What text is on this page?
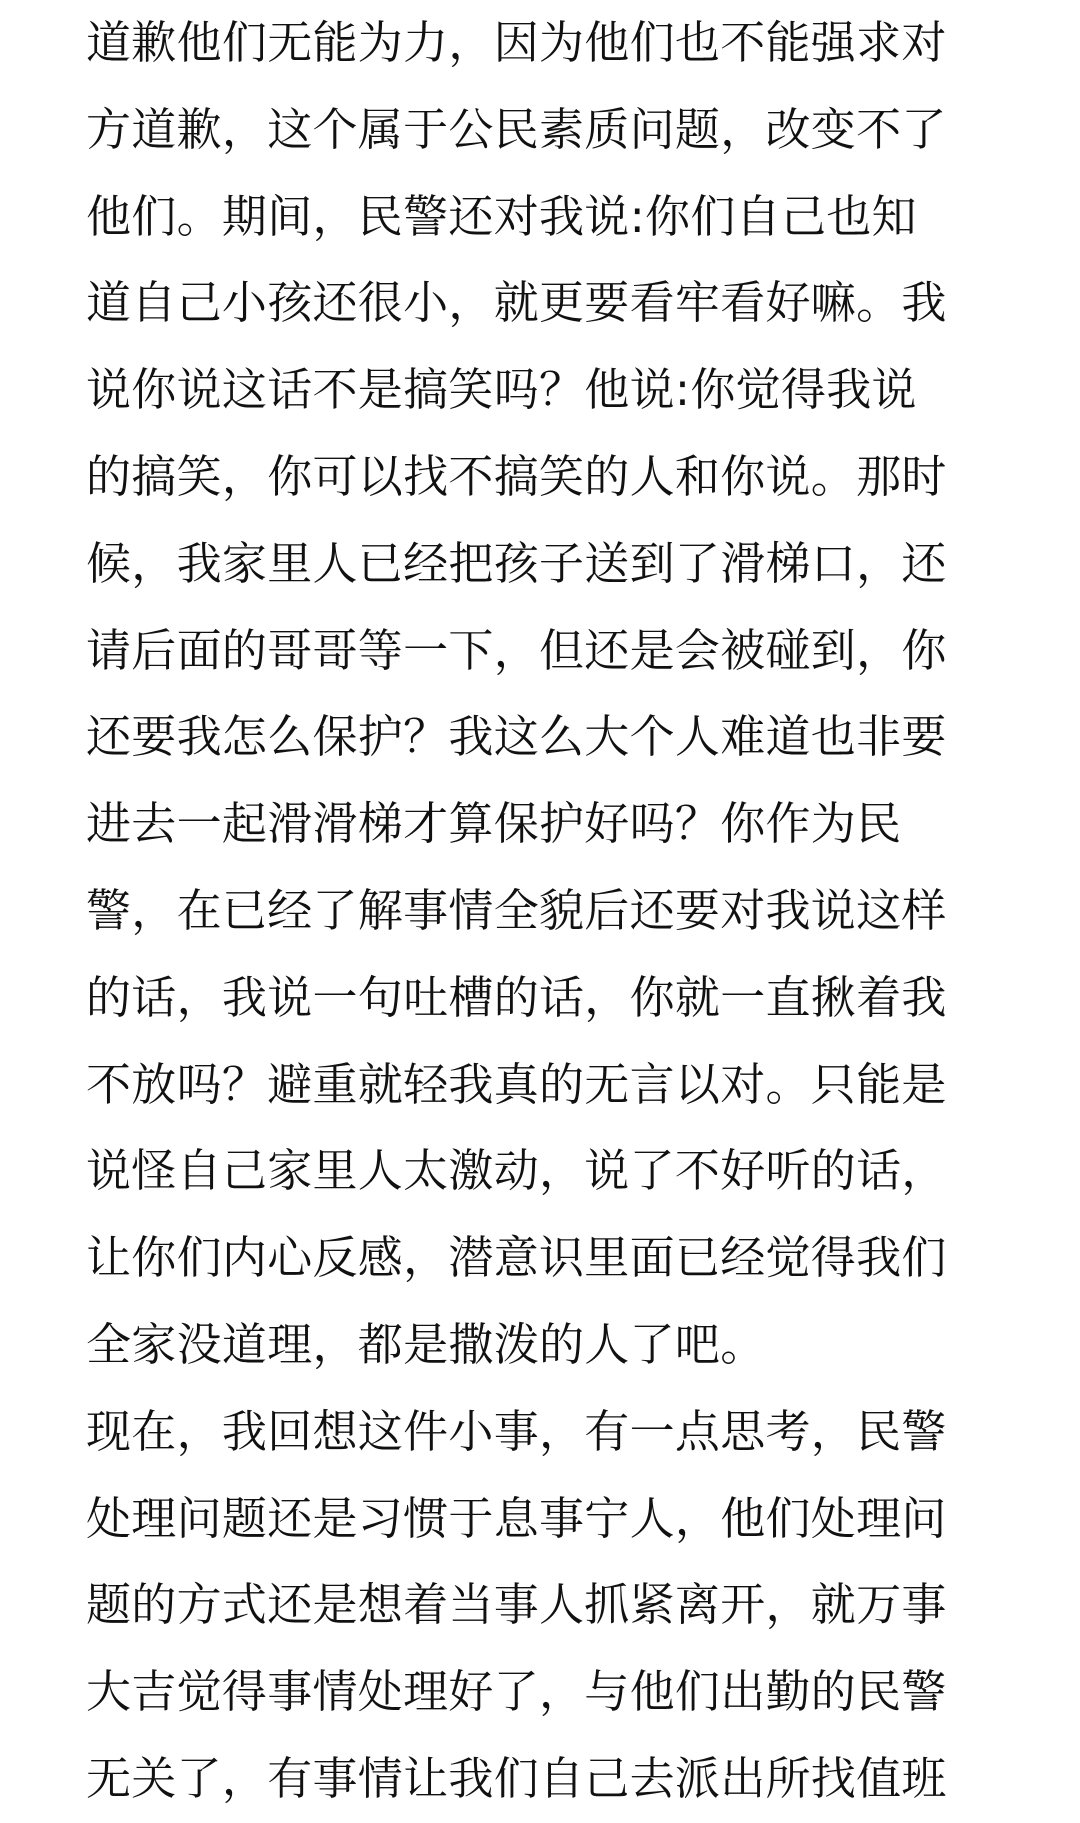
道歉他们无能为力，因为他们也不能强求对

方道歉，这个属于公民素质问题，改变不了

他们。期间，民警还对我说:你们自己也知

道自己小孩还很小，就更要看牢看好嘛。我

说你说这话不是搞笑吗？他说:你觉得我说

的搞笑，你可以找不搞笑的人和你说。那时

候，我家里人已经把孩子送到了滑梯口，还

请后面的哥哥等一下，但还是会被碰到，你

还要我怎么保护？我这么大个人难道也非要

进去一起滑滑梯才算保护好吗？你作为民

警，在已经了解事情全貌后还要对我说这样

的话，我说一句吐槽的话，你就一直揪着我

不放吗？避重就轻我真的无言以对。只能是

说怪自己家里人太激动，说了不好听的话，

让你们内心反感，潜意识里面已经觉得我们

全家没道理，都是撒泼的人了吧。

现在，我回想这件小事，有一点思考，民警

处理问题还是习惯于息事宁人，他们处理问

题的方式还是想着当事人抓紧离开，就万事

大吉觉得事情处理好了，与他们出勤的民警

无关了，有事情让我们自己去派出所找值班
